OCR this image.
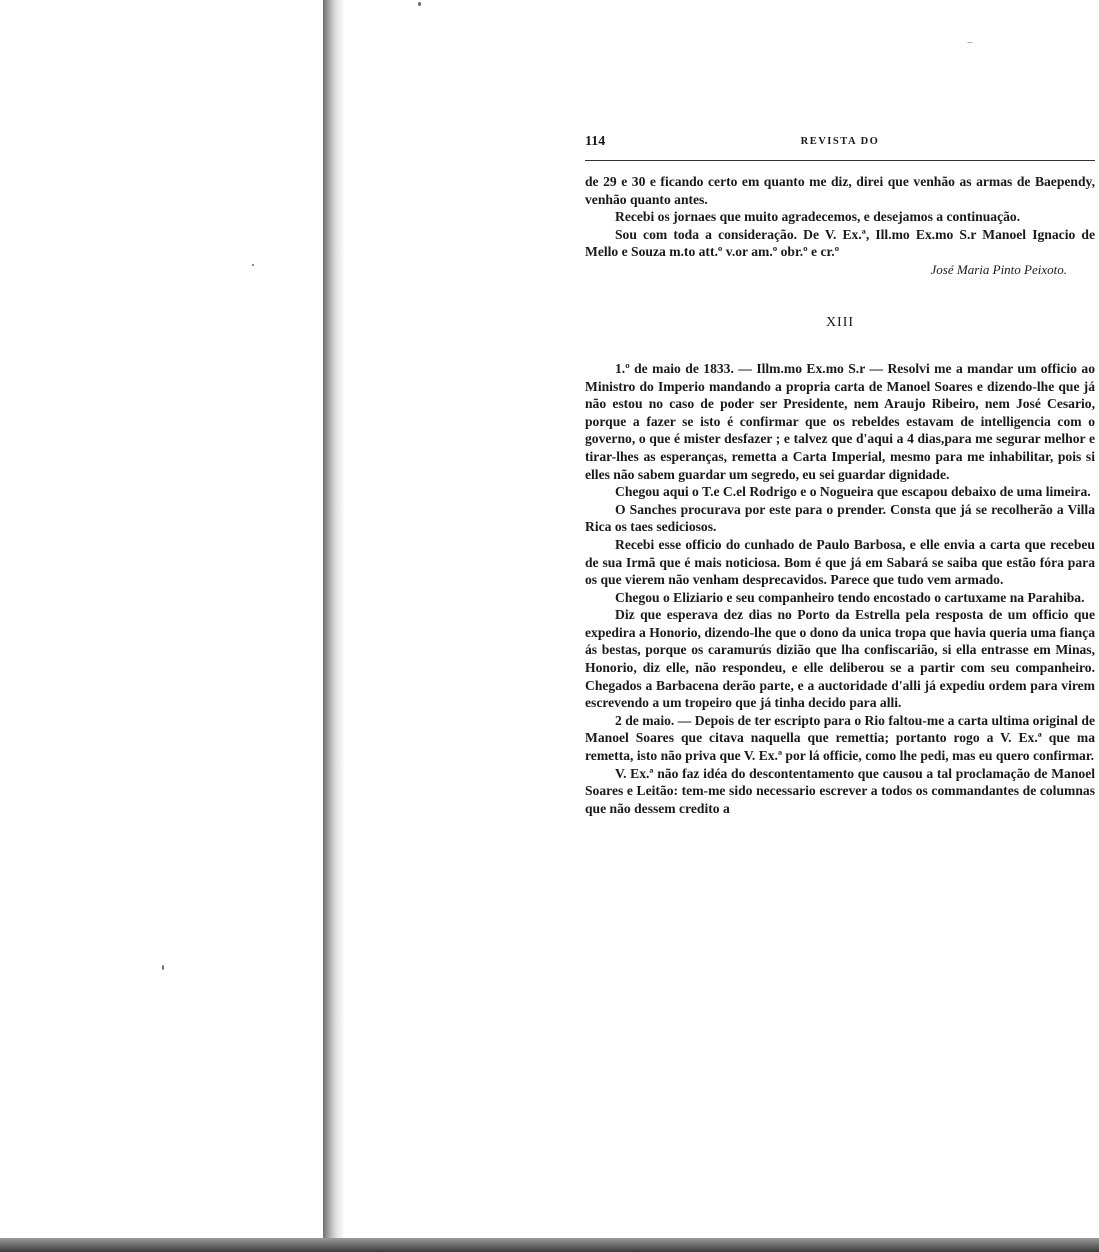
114	REVISTA DO

de 29 e 30 e ficando certo em quanto me diz, direi que venhão as armas de Baependy, venhão quanto antes.

Recebi os jornaes que muito agradecemos, e desejamos a continuação.

Sou com toda a consideração. De V. Ex.ª, Ill.mo Ex.mo S.r Manoel Ignacio de Mello e Souza m.to att.º v.or am.º obr.º e cr.º

José Maria Pinto Peixoto.

XIII

1.º de maio de 1833. — Illm.mo Ex.mo S.r — Resolvi me a mandar um officio ao Ministro do Imperio mandando a propria carta de Manoel Soares e dizendo-lhe que já não estou no caso de poder ser Presidente, nem Araujo Ribeiro, nem José Cesario, porque a fazer se isto é confirmar que os rebeldes estavam de intelligencia com o governo, o que é mister desfazer ; e talvez que d'aqui a 4 dias,para me segurar melhor e tirar-lhes as esperanças, remetta a Carta Imperial, mesmo para me inhabilitar, pois si elles não sabem guardar um segredo, eu sei guardar dignidade.

Chegou aqui o T.e C.el Rodrigo e o Nogueira que escapou debaixo de uma limeira.

O Sanches procurava por este para o prender. Consta que já se recolherão a Villa Rica os taes sediciosos.

Recebi esse officio do cunhado de Paulo Barbosa, e elle envia a carta que recebeu de sua Irmã que é mais noticiosa. Bom é que já em Sabará se saiba que estão fóra para os que vierem não venham desprecavidos. Parece que tudo vem armado.

Chegou o Eliziario e seu companheiro tendo encostado o cartuxame na Parahiba.

Diz que esperava dez dias no Porto da Estrella pela resposta de um officio que expedira a Honorio, dizendo-lhe que o dono da unica tropa que havia queria uma fiança ás bestas, porque os caramurús dizião que lha confiscarião, si ella entrasse em Minas, Honorio, diz elle, não respondeu, e elle deliberou se a partir com seu companheiro. Chegados a Barbacena derão parte, e a auctoridade d'alli já expediu ordem para virem escrevendo a um tropeiro que já tinha decido para alli.

2 de maio. — Depois de ter escripto para o Rio faltou-me a carta ultima original de Manoel Soares que citava naquella que remettia; portanto rogo a V. Ex.ª que ma remetta, isto não priva que V. Ex.ª por lá officie, como lhe pedi, mas eu quero confirmar.

V. Ex.ª não faz idéa do descontentamento que causou a tal proclamação de Manoel Soares e Leitão: tem-me sido necessario escrever a todos os commandantes de columnas que não dessem credito a
